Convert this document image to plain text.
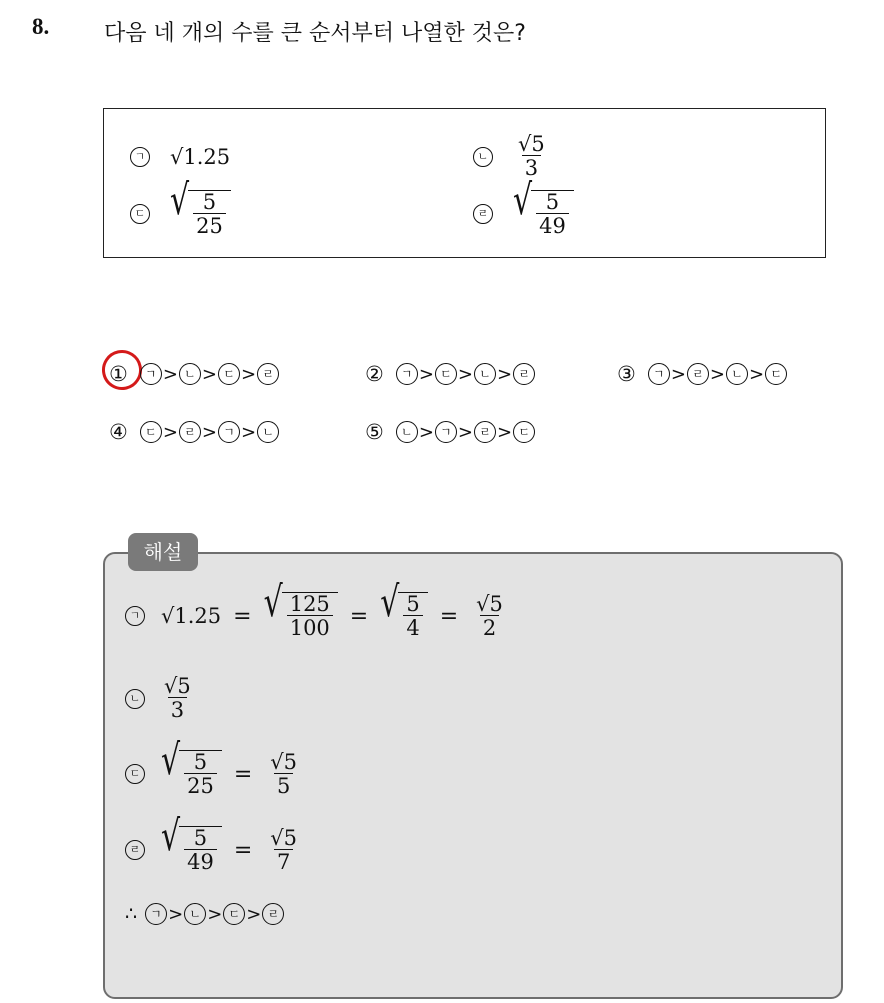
8. 다음 네 개의 수를 큰 순서부터 나열한 것은?
ㄱ √1.25	ㄴ $\frac{√5}{3}$
ㄷ √ $\frac{5}{25}$	ㄹ √ $\frac{5}{49}$
①	ㄱ > ㄴ > ㄷ > ㄹ	②	ㄱ > ㄷ > ㄴ > ㄹ	③	ㄱ > ㄹ > ㄴ > ㄷ
④	ㄷ > ㄹ > ㄱ > ㄴ	⑤	ㄴ > ㄱ > ㄹ > ㄷ
해설
ㄱ √1.25 = √ $\frac{125}{100}$ = √ $\frac{5}{4} = \frac{√5}{2}$
ㄴ $\frac{√5}{3}$
ㄷ √ $\frac{5}{25} = \frac{√5}{5}$
ㄹ √ $\frac{5}{49} = \frac{√5}{7}$
∴	ㄱ > ㄴ > ㄷ > ㄹ
